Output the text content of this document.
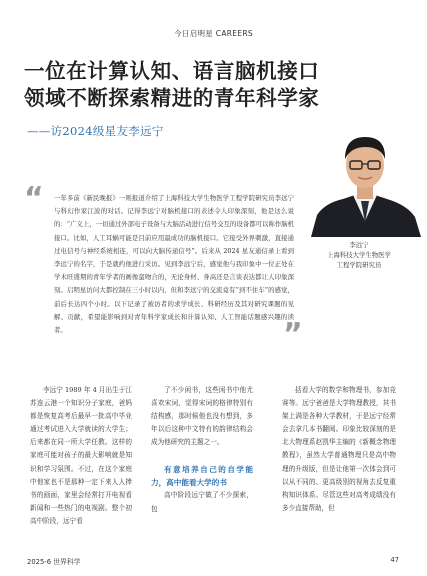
今日启明星 CAREERS
一位在计算认知、语言脑机接口
领域不断探索精进的青年科学家
——访2024级星友李远宁
李远宁
上海科技大学生物医学
工程学院研究员
“ 一年多前《新民晚报》一则报道介绍了上海科技大学生物医学工程学院研究员李远宁与科幻作家江波的对话。记得李远宁对脑机接口的表述令人印象深刻，他是这么说的：“广义上，一切通过外部电子设备与大脑活动进行信号交互的设备都可以称作脑机接口。比如，人工耳蜗可能是目前应用最成功的脑机接口。它接受外界刺激，直接通过电信号与神经系统相连，可以向大脑传递信号”。后来从 2024 星友通信录上看到李远宁的名字，于是就约他进行采访。见到李远宁后，感觉他与我印象中一位正处在学术旺盛期的青年学者的画像蛮吻合的，无论身材、身高还是言谈表达都让人印象深刻。启明星访问大都控制在三小时以内，但和李远宁的交流竟有“到不住车”的感觉，前后长达四个小时。以下记录了被访者的求学成长、科研经历及其对研究课题的见解、贡献，希望能影响到对青年科学家成长和计算认知、人工智能话题感兴趣的读者。	”

李远宁 1989 年 4 月出生于江苏连云港一个知识分子家庭，爸妈都是恢复高考后最早一批高中毕业通过考试进入大学就读的大学生；后来都在同一所大学任教。这样的家庭可能对孩子的最大影响就是知识和学习氛围。不过，在这个家庭中他家也不是那种一定下来人人捧书的画面，家里会经常打开电视看新闻和一些热门的电视剧。整个初高中阶段，远宁看

了不少闲书，这些闲书中他尤喜欢宋词，觉得宋词的格律特别有结构感，那时候他也没有想到，多年以后这种中文特有的韵律结构会成为他研究的主题之一。

有意培养自己的自学能力，高中能看大学的书

高中阶段远宁做了不少探索，包

括看大学的数学和物理书，参加竞赛等。远宁爸爸是大学物理教授，其书架上满是各种大学教材，于是远宁经常会去拿几本书翻阅。印象比较深刻的是北大物理系赵凯华主编的《新概念物理教程》，虽然大学普通物理只是高中物理的升级版，但是让他第一次体会到可以从不同的、更高级别的视角去反复重构知识体系。尽管这些对高考成绩没有多少直接帮助，但

2025-6 世界科学	47
